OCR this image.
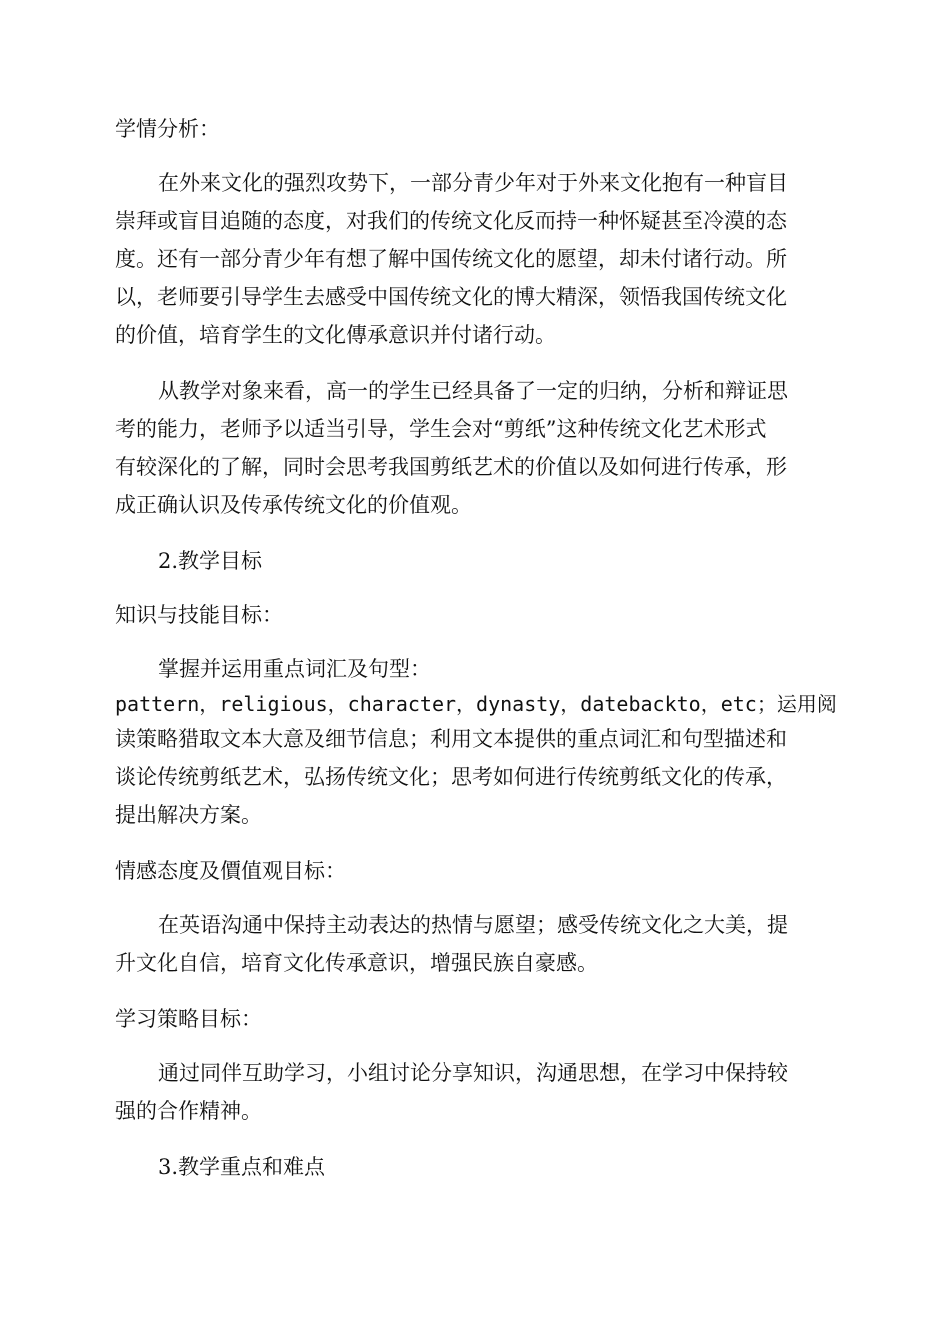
学情分析：
在外来文化的强烈攻势下，一部分青少年对于外来文化抱有一种盲目
崇拜或盲目追随的态度，对我们的传统文化反而持一种怀疑甚至冷漠的态
度。还有一部分青少年有想了解中国传统文化的愿望，却未付诸行动。所
以，老师要引导学生去感受中国传统文化的博大精深，领悟我国传统文化
的价值，培育学生的文化傳承意识并付诸行动。
从教学对象来看，高一的学生已经具备了一定的归纳，分析和辩证思
考的能力，老师予以适当引导，学生会对“剪纸”这种传统文化艺术形式
有较深化的了解，同时会思考我国剪纸艺术的价值以及如何进行传承，形
成正确认识及传承传统文化的价值观。
2.教学目标
知识与技能目标：
掌握并运用重点词汇及句型：
pattern，religious，character，dynasty，datebackto，etc；运用阅
读策略猎取文本大意及细节信息；利用文本提供的重点词汇和句型描述和
谈论传统剪纸艺术，弘扬传统文化；思考如何进行传统剪纸文化的传承，
提出解决方案。
情感态度及價值观目标：
在英语沟通中保持主动表达的热情与愿望；感受传统文化之大美，提
升文化自信，培育文化传承意识，增强民族自豪感。
学习策略目标：
通过同伴互助学习，小组讨论分享知识，沟通思想，在学习中保持较
强的合作精神。
3.教学重点和难点
